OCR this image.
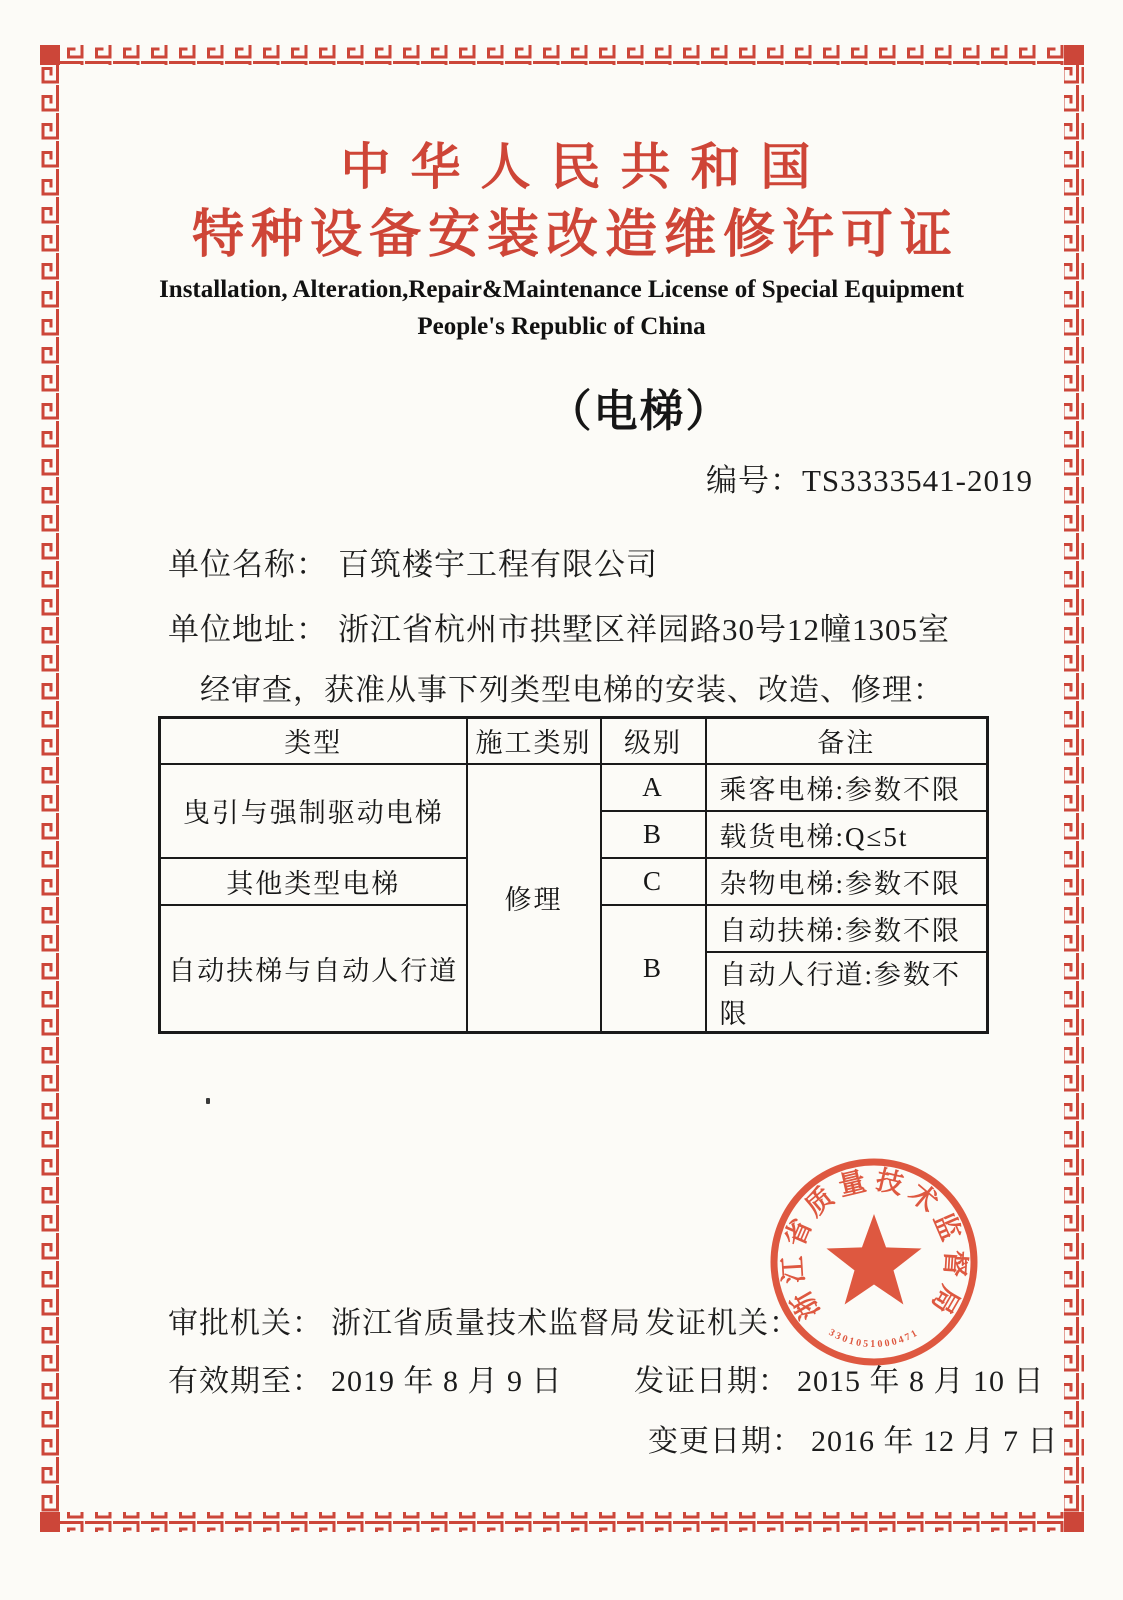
中华人民共和国
特种设备安装改造维修许可证
Installation, Alteration,Repair&Maintenance License of Special Equipment
People's Republic of China
（电梯）
编号：TS3333541-2019
单位名称： 百筑楼宇工程有限公司
单位地址： 浙江省杭州市拱墅区祥园路30号12幢1305室
经审查，获准从事下列类型电梯的安装、改造、修理：
类型	施工类别	级别	备注
曳引与强制驱动电梯	修理	A	乘客电梯:参数不限
		B	载货电梯:Q≤5t
其他类型电梯		C	杂物电梯:参数不限
自动扶梯与自动人行道		B	自动扶梯:参数不限
			自动人行道:参数不限
审批机关： 浙江省质量技术监督局 发证机关：
有效期至： 2019 年 8 月 9 日 发证日期： 2015 年 8 月 10 日
变更日期： 2016 年 12 月 7 日
浙江省质量技术监督局
3301051000471
